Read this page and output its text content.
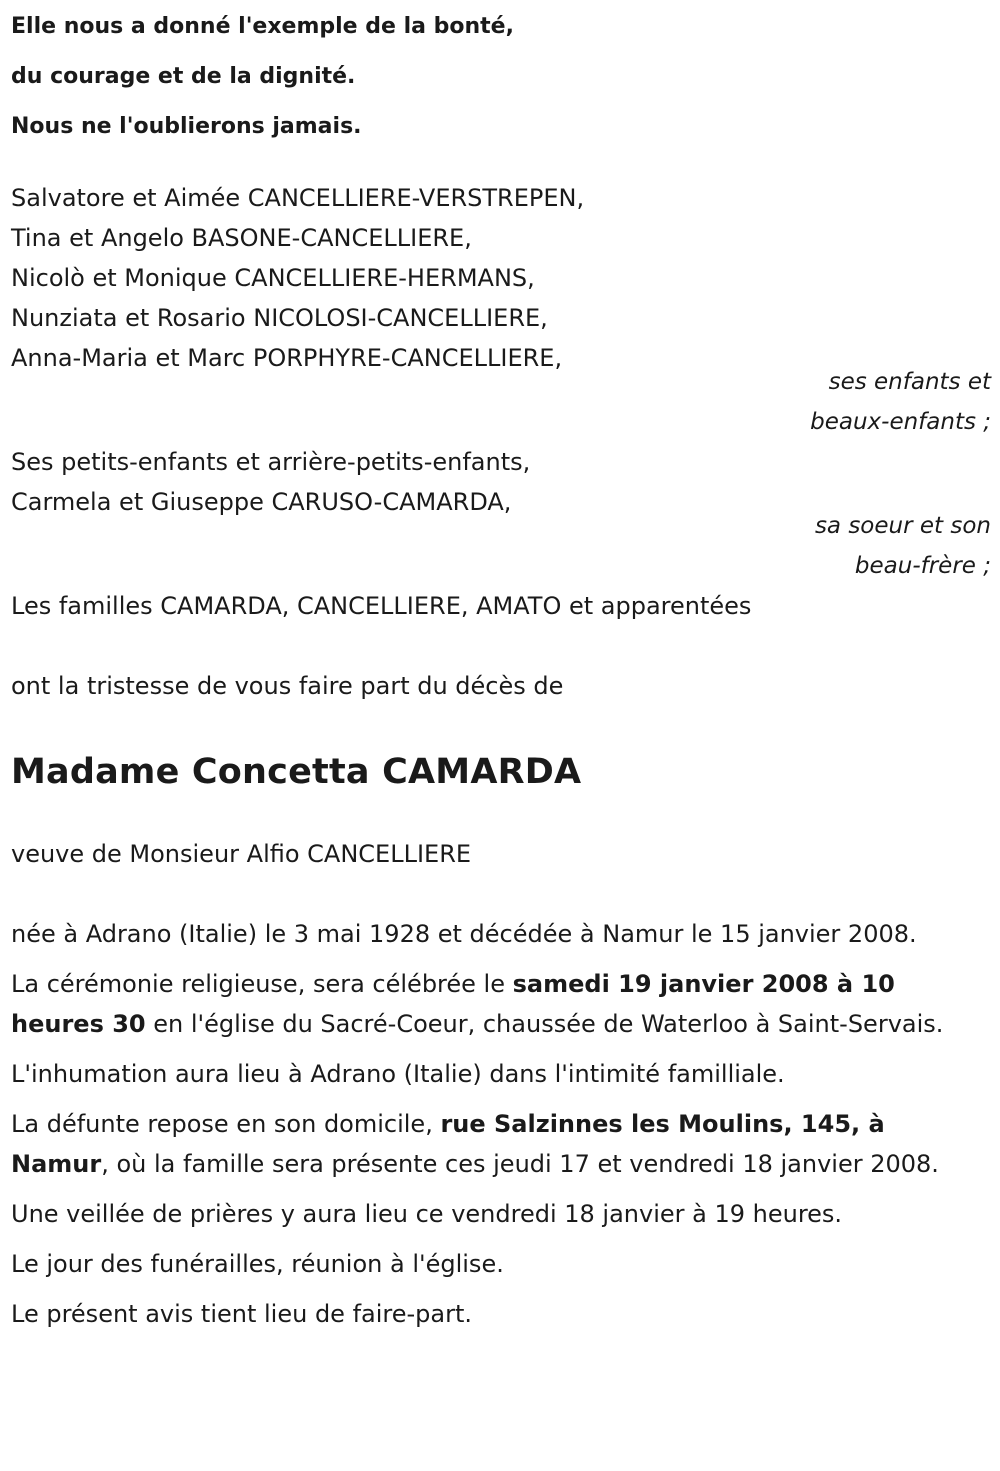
Elle nous a donné l'exemple de la bonté,

du courage et de la dignité.

Nous ne l'oublierons jamais.

Salvatore et Aimée CANCELLIERE-VERSTREPEN,

Tina et Angelo BASONE-CANCELLIERE,

Nicolò et Monique CANCELLIERE-HERMANS,

Nunziata et Rosario NICOLOSI-CANCELLIERE,

Anna-Maria et Marc PORPHYRE-CANCELLIERE,

ses enfants et

beaux-enfants ;

Ses petits-enfants et arrière-petits-enfants,

Carmela et Giuseppe CARUSO-CAMARDA,

sa soeur et son

beau-frère ;

Les familles CAMARDA, CANCELLIERE, AMATO et apparentées

ont la tristesse de vous faire part du décès de

Madame Concetta CAMARDA

veuve de Monsieur Alfio CANCELLIERE

née à Adrano (Italie) le 3 mai 1928 et décédée à Namur le 15 janvier 2008.

La cérémonie religieuse, sera célébrée le samedi 19 janvier 2008 à 10 heures 30 en l'église du Sacré-Coeur, chaussée de Waterloo à Saint-Servais.

L'inhumation aura lieu à Adrano (Italie) dans l'intimité familliale.

La défunte repose en son domicile, rue Salzinnes les Moulins, 145, à Namur, où la famille sera présente ces jeudi 17 et vendredi 18 janvier 2008.

Une veillée de prières y aura lieu ce vendredi 18 janvier à 19 heures.

Le jour des funérailles, réunion à l'église.

Le présent avis tient lieu de faire-part.
